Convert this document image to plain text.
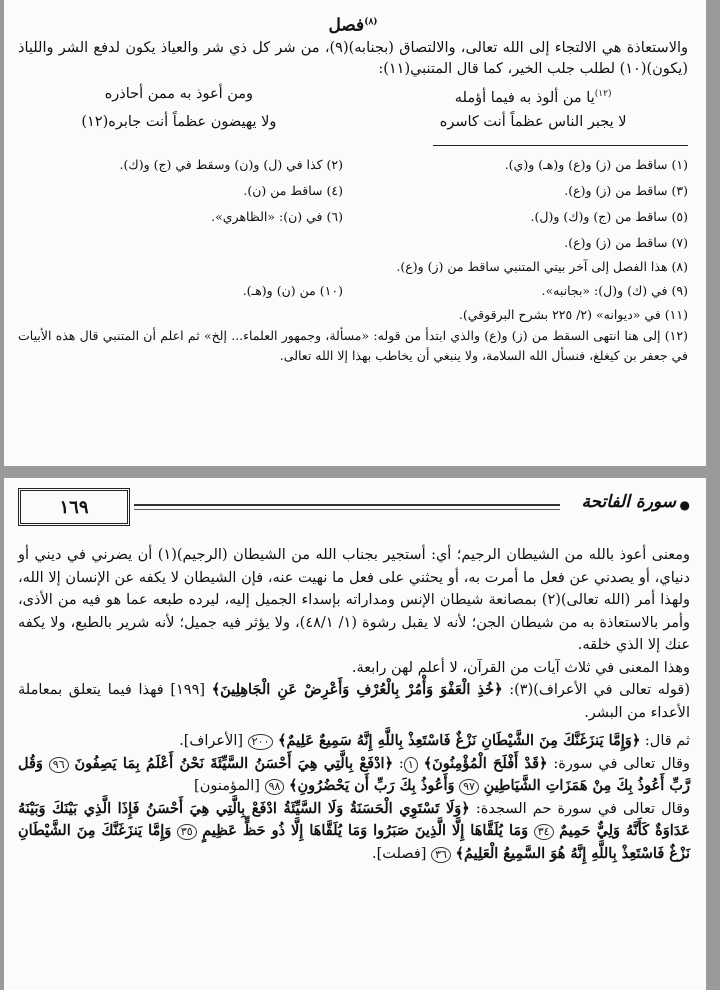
$^{(٨)}$فصل
والاستعاذة هي الالتجاء إلى الله تعالى، والالتصاق (بجنابه)(٩)، من شر كل ذي شر والعياذ يكون لدفع الشر واللياذ (يكون)(١٠) لطلب جلب الخير، كما قال المتنبي(١١):
$^{(١٢)}$يا من ألوذ به فيما أؤمله
ومن أعوذ به ممن أحاذره
لا يجبر الناس عظماً أنت كاسره
ولا يهيضون عظماً أنت جابره(١٢)
(١) ساقط من (ز) و(ع) و(هـ) و(ي).
(٢) كذا في (ل) و(ن) وسقط في (ج) و(ك).
(٣) ساقط من (ز) و(ع).
(٤) ساقط من (ن).
(٥) ساقط من (ج) و(ك) و(ل).
(٦) في (ن): «الظاهري».
(٧) ساقط من (ز) و(ع).
(٨) هذا الفصل إلى آخر بيتي المتنبي ساقط من (ز) و(ع).
(٩) في (ك) و(ل): «بجانبه».
(١٠) من (ن) و(هـ).
(١١) في «ديوانه» (٢/ ٢٢٥ بشرح البرقوقي).
(١٢) إلى هنا انتهى السقط من (ز) و(ع) والذي ابتدأ من قوله: «مسألة، وجمهور العلماء... إلخ» ثم اعلم أن المتنبي قال هذه الأبيات في جعفر بن كيغلغ، فنسأل الله السلامة، ولا ينبغي أن يخاطب بهذا إلا الله تعالى.
١٦٩	سورة الفاتحة ●
ومعنى أعوذ بالله من الشيطان الرجيم؛ أي: أستجير بجناب الله من الشيطان (الرجيم)(١) أن يضرني في ديني أو دنياي، أو يصدني عن فعل ما أمرت به، أو يحثني على فعل ما نهيت عنه، فإن الشيطان لا يكفه عن الإنسان إلا الله، ولهذا أمر (الله تعالى)(٢) بمصانعة شيطان الإنس ومداراته بإسداء الجميل إليه، ليرده طبعه عما هو فيه من الأذى، وأمر بالاستعاذة به من شيطان الجن؛ لأنه لا يقبل رشوة (١/ ٤٨/١)، ولا يؤثر فيه جميل؛ لأنه شرير بالطبع، ولا يكفه عنك إلا الذي خلقه.
وهذا المعنى في ثلاث آيات من القرآن، لا أعلم لهن رابعة.
(قوله تعالى في الأعراف)(٣): ﴿خُذِ الْعَفْوَ وَأْمُرْ بِالْعُرْفِ وَأَعْرِضْ عَنِ الْجَاهِلِينَ﴾ [١٩٩] فهذا فيما يتعلق بمعاملة الأعداء من البشر.
ثم قال: ﴿وَإِمَّا يَنزَغَنَّكَ مِنَ الشَّيْطَانِ نَزْغٌ فَاسْتَعِذْ بِاللَّهِ إِنَّهُ سَمِيعٌ عَلِيمٌ﴾ ٢٠٠ [الأعراف].
وقال تعالى في سورة: ﴿قَدْ أَفْلَحَ الْمُؤْمِنُونَ﴾ ١: ﴿ادْفَعْ بِالَّتِي هِيَ أَحْسَنُ السَّيِّئَةَ نَحْنُ أَعْلَمُ بِمَا يَصِفُونَ ٩٦ وَقُل رَّبِّ أَعُوذُ بِكَ مِنْ هَمَزَاتِ الشَّيَاطِينِ ٩٧ وَأَعُوذُ بِكَ رَبِّ أَن يَحْضُرُونِ﴾ ٩٨ [المؤمنون]
وقال تعالى في سورة حم السجدة: ﴿وَلَا تَسْتَوِي الْحَسَنَةُ وَلَا السَّيِّئَةُ ادْفَعْ بِالَّتِي هِيَ أَحْسَنُ فَإِذَا الَّذِي بَيْنَكَ وَبَيْنَهُ عَدَاوَةٌ كَأَنَّهُ وَلِيٌّ حَمِيمٌ ٣٤ وَمَا يُلَقَّاهَا إِلَّا الَّذِينَ صَبَرُوا وَمَا يُلَقَّاهَا إِلَّا ذُو حَظٍّ عَظِيمٍ ٣٥ وَإِمَّا يَنزَغَنَّكَ مِنَ الشَّيْطَانِ نَزْغٌ فَاسْتَعِذْ بِاللَّهِ إِنَّهُ هُوَ السَّمِيعُ الْعَلِيمُ﴾ ٣٦ [فصلت].
